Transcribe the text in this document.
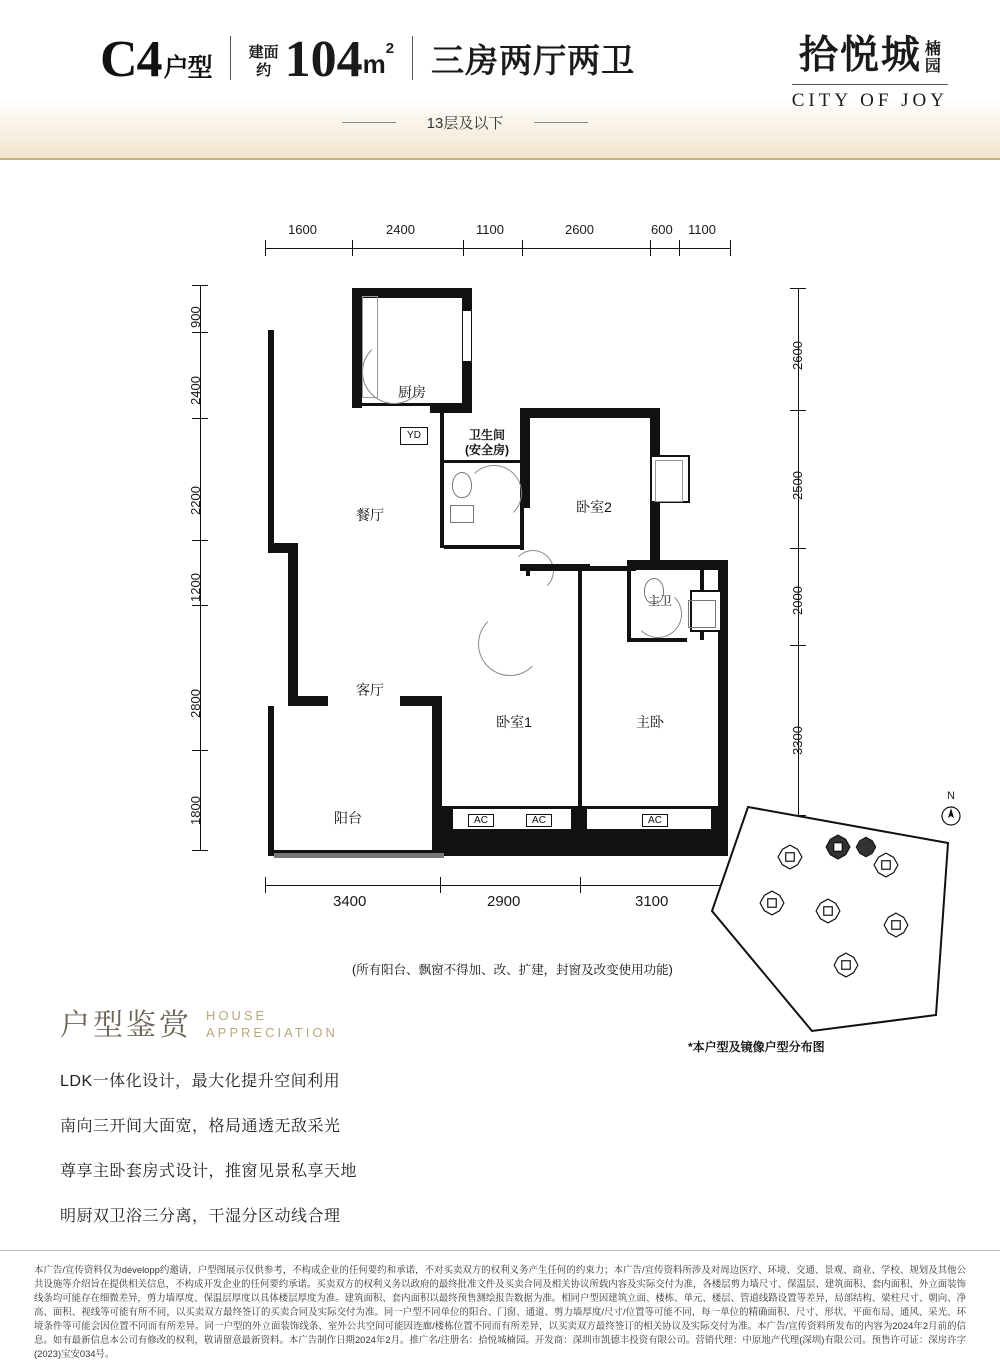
C4户型
建面
约 104 $m^2$ 三房两厅两卫
13层及以下
拾悦城 楠
园
CITY OF JOY
1600	2400	1100	2600	600 1100
900
2400
2200
1200
2800
1800
2600
2500
2000
3300
3400	2900	3100
AC	AC	AC
YD
厨房
餐厅
客厅
阳台
卧室2
卧室1	主卧
主卫
卫生间
(安全房)
(所有阳台、飘窗不得加、改、扩建，封窗及改变使用功能)
*本户型及镜像户型分布图
N
户型鉴赏 HOUSE
APPRECIATION
LDK一体化设计，最大化提升空间利用
南向三开间大面宽，格局通透无敌采光
尊享主卧套房式设计，推窗见景私享天地
明厨双卫浴三分离，干湿分区动线合理
本广告/宣传资料仅为développ约邀请，户型图展示仅供参考，不构成企业的任何要约和承诺，不对买卖双方的权利义务产生任何的约束力；本广告/宣传资料所涉及对周边医疗、环境、交通、景观、商业、学校、规划及其他公共设施等介绍旨在提供相关信息，不构成开发企业的任何要约承诺。买卖双方的权利义务以政府的最终批准文件及买卖合同及相关协议所载内容及实际交付为准，各楼层剪力墙尺寸、保温层、建筑面积、套内面积、外立面装饰线条均可能存在细微差异，剪力墙厚度、保温层厚度以具体楼层厚度为准。建筑面积、套内面积以最终预售测绘报告数据为准。相同户型因建筑立面、楼栋、单元、楼层、管道线路设置等差异，局部结构、梁柱尺寸、朝向、净高、面积、视线等可能有所不同，以买卖双方最终签订的买卖合同及实际交付为准。同一户型不同单位的阳台、门窗、通道、剪力墙厚度/尺寸/位置等可能不同，每一单位的精确面积、尺寸、形状、平面布局、通风、采光、环境条件等可能会因位置不同而有所差异。同一户型的外立面装饰线条、室外公共空间可能因连廊/楼栋位置不同而有所差异，以买卖双方最终签订的相关协议及实际交付为准。本广告/宣传资料所发布的内容为2024年2月前的信息。如有最新信息本公司有修改的权利，敬请留意最新资料。本广告制作日期2024年2月。推广名/注册名：拾悦城楠园。开发商：深圳市凯德丰投资有限公司。营销代理：中原地产代理(深圳)有限公司。预售许可证：深房许字(2023)宝安034号。
